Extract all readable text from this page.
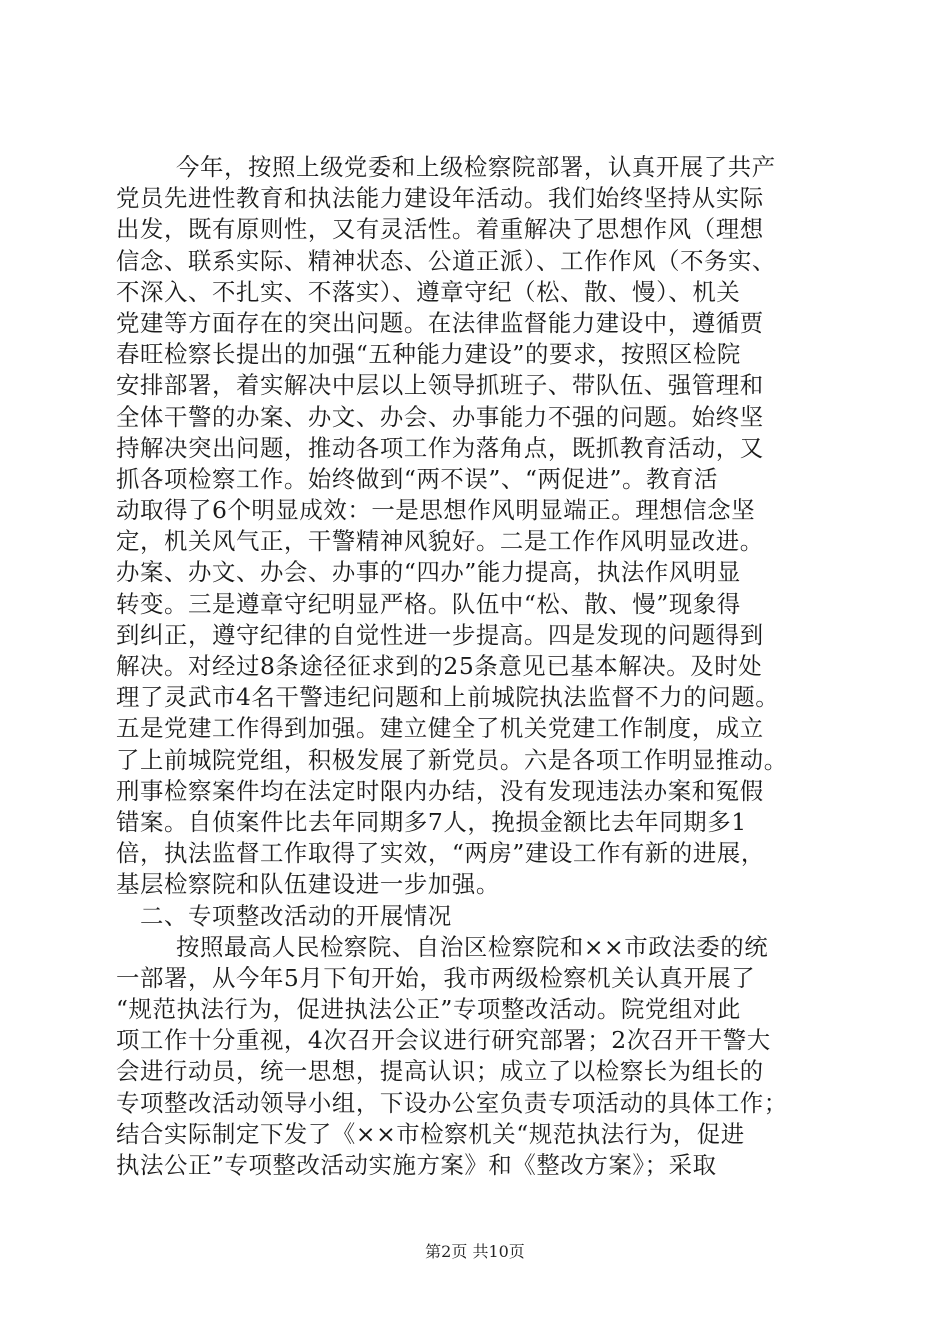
今年，按照上级党委和上级检察院部署，认真开展了共产
党员先进性教育和执法能力建设年活动。我们始终坚持从实际
出发，既有原则性，又有灵活性。着重解决了思想作风（理想
信念、联系实际、精神状态、公道正派）、工作作风（不务实、
不深入、不扎实、不落实）、遵章守纪（松、散、慢）、机关
党建等方面存在的突出问题。在法律监督能力建设中，遵循贾
春旺检察长提出的加强“五种能力建设”的要求，按照区检院
安排部署，着实解决中层以上领导抓班子、带队伍、强管理和
全体干警的办案、办文、办会、办事能力不强的问题。始终坚
持解决突出问题，推动各项工作为落角点，既抓教育活动，又
抓各项检察工作。始终做到“两不误”、“两促进”。教育活
动取得了6个明显成效：一是思想作风明显端正。理想信念坚
定，机关风气正，干警精神风貌好。二是工作作风明显改进。
办案、办文、办会、办事的“四办”能力提高，执法作风明显
转变。三是遵章守纪明显严格。队伍中“松、散、慢”现象得
到纠正，遵守纪律的自觉性进一步提高。四是发现的问题得到
解决。对经过8条途径征求到的25条意见已基本解决。及时处
理了灵武市4名干警违纪问题和上前城院执法监督不力的问题。
五是党建工作得到加强。建立健全了机关党建工作制度，成立
了上前城院党组，积极发展了新党员。六是各项工作明显推动。
刑事检察案件均在法定时限内办结，没有发现违法办案和冤假
错案。自侦案件比去年同期多7人，挽损金额比去年同期多1
倍，执法监督工作取得了实效，“两房”建设工作有新的进展，
基层检察院和队伍建设进一步加强。
二、专项整改活动的开展情况
按照最高人民检察院、自治区检察院和××市政法委的统
一部署，从今年5月下旬开始，我市两级检察机关认真开展了
“规范执法行为，促进执法公正”专项整改活动。院党组对此
项工作十分重视，4次召开会议进行研究部署；2次召开干警大
会进行动员，统一思想，提高认识；成立了以检察长为组长的
专项整改活动领导小组，下设办公室负责专项活动的具体工作；
结合实际制定下发了《××市检察机关“规范执法行为，促进
执法公正”专项整改活动实施方案》和《整改方案》；采取
第2页 共10页
